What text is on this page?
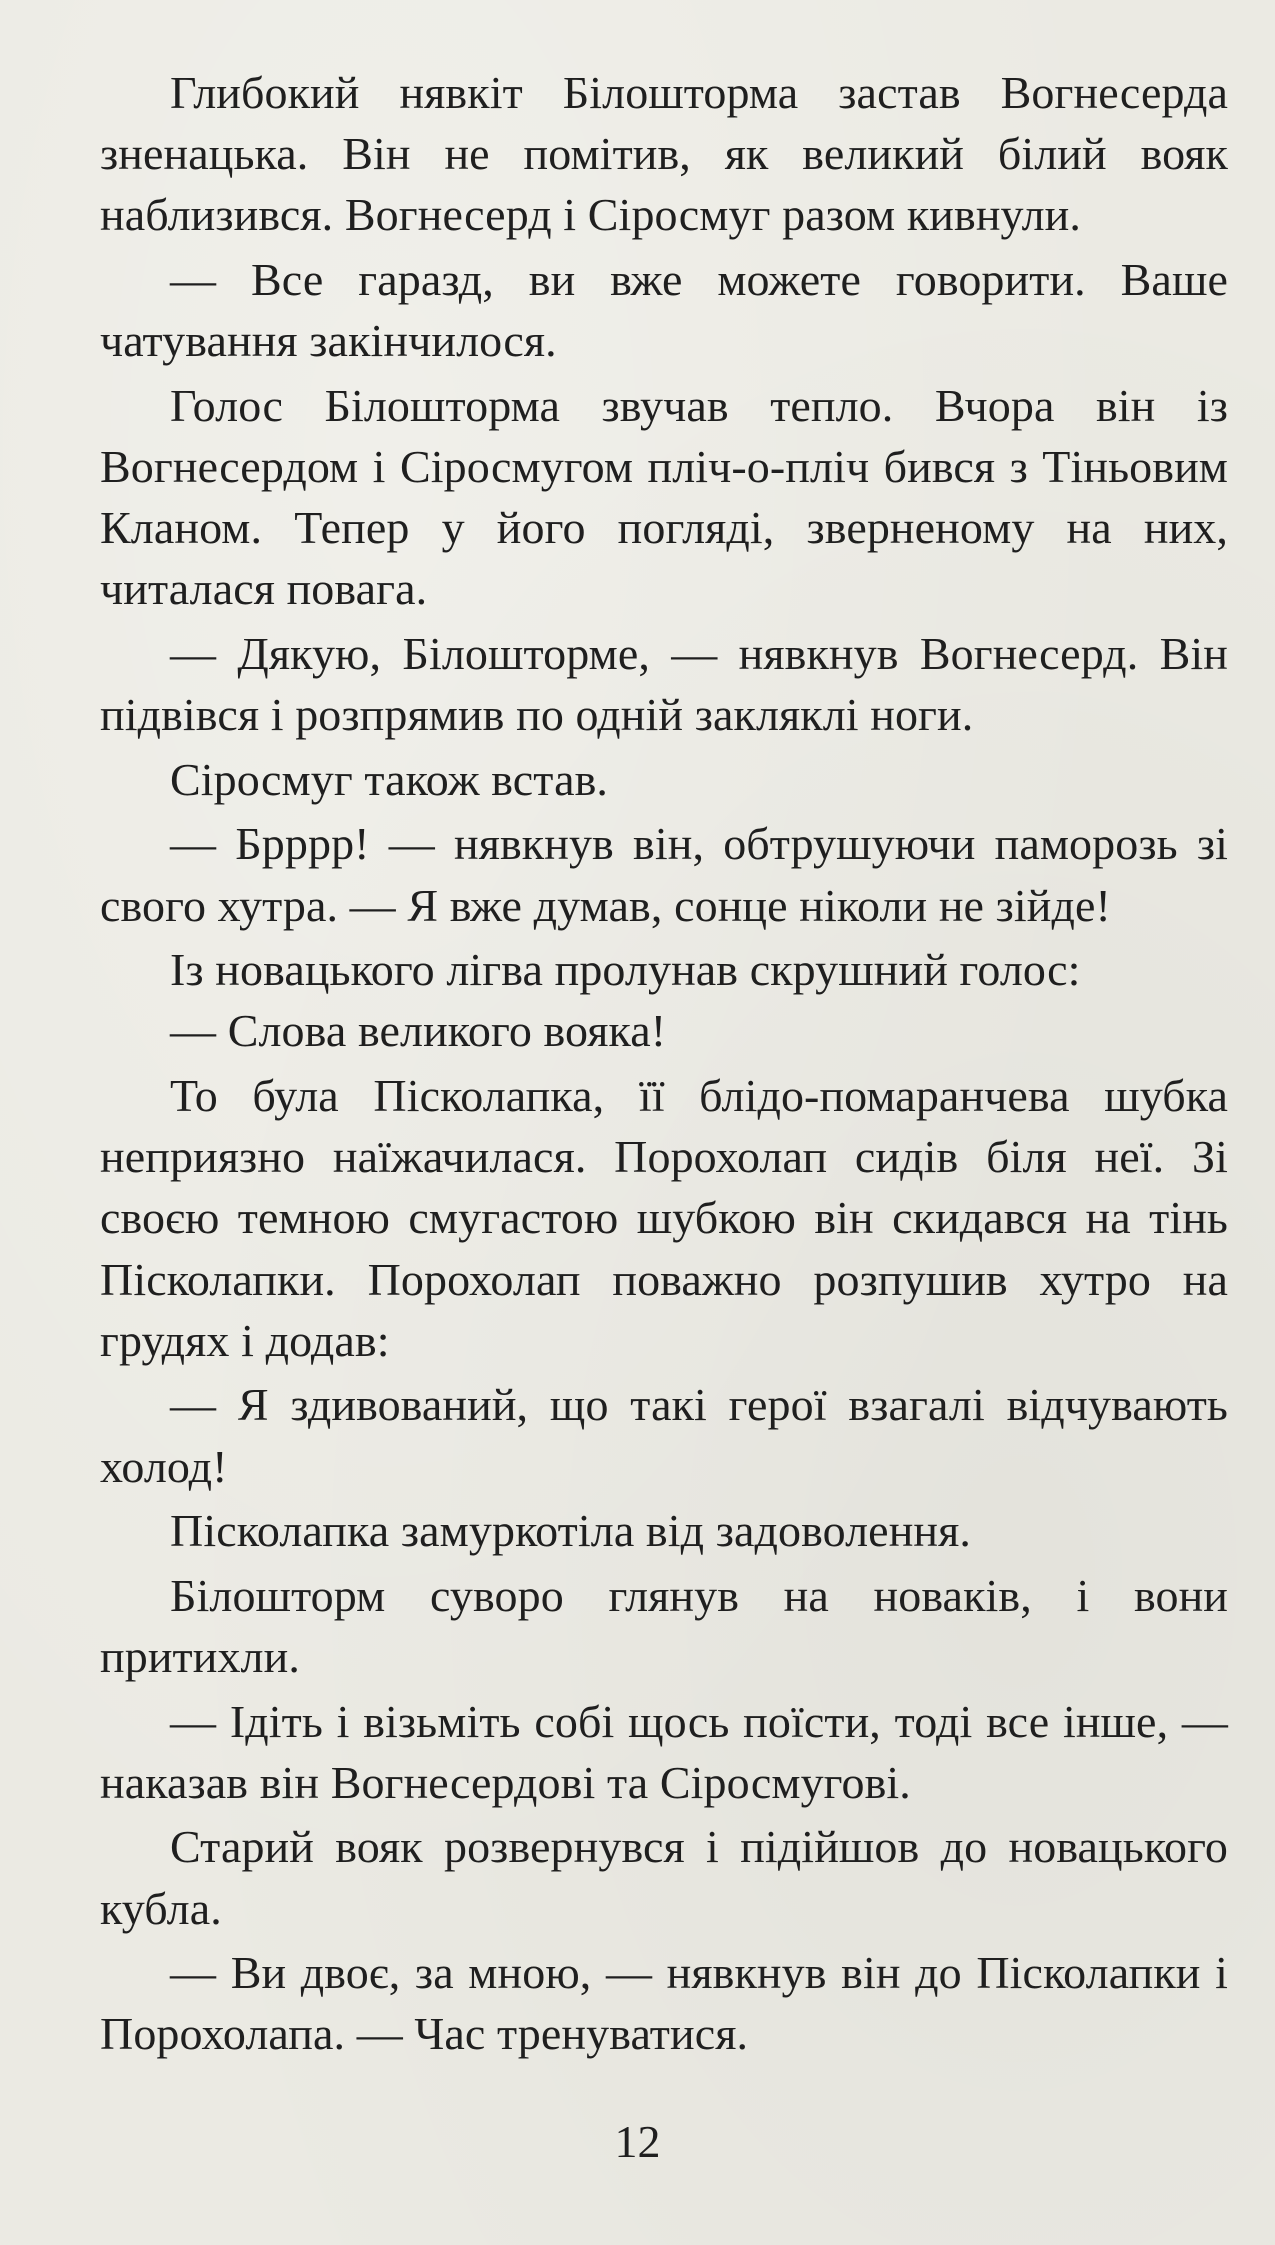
Глибокий нявкіт Білошторма застав Вогнесерда зненацька. Він не помітив, як великий білий вояк наблизився. Вогнесерд і Сіросмуг разом кивнули.

— Все гаразд, ви вже можете говорити. Ваше чатування закінчилося.

Голос Білошторма звучав тепло. Вчора він із Вогнесердом і Сіросмугом пліч-о-пліч бився з Тіньовим Кланом. Тепер у його погляді, зверненому на них, читалася повага.

— Дякую, Білошторме, — нявкнув Вогнесерд. Він підвівся і розпрямив по одній закляклі ноги.

Сіросмуг також встав.

— Брррр! — нявкнув він, обтрушуючи паморозь зі свого хутра. — Я вже думав, сонце ніколи не зійде!

Із новацького лігва пролунав скрушний голос:

— Слова великого вояка!

То була Пісколапка, її блідо-помаранчева шубка неприязно наїжачилася. Порохолап сидів біля неї. Зі своєю темною смугастою шубкою він скидався на тінь Пісколапки. Порохолап поважно розпушив хутро на грудях і додав:

— Я здивований, що такі герої взагалі відчувають холод!

Пісколапка замуркотіла від задоволення.

Білошторм суворо глянув на новаків, і вони притихли.

— Ідіть і візьміть собі щось поїсти, тоді все інше, — наказав він Вогнесердові та Сіросмугові.

Старий вояк розвернувся і підійшов до новацького кубла.

— Ви двоє, за мною, — нявкнув він до Пісколапки і Порохолапа. — Час тренуватися.

12
